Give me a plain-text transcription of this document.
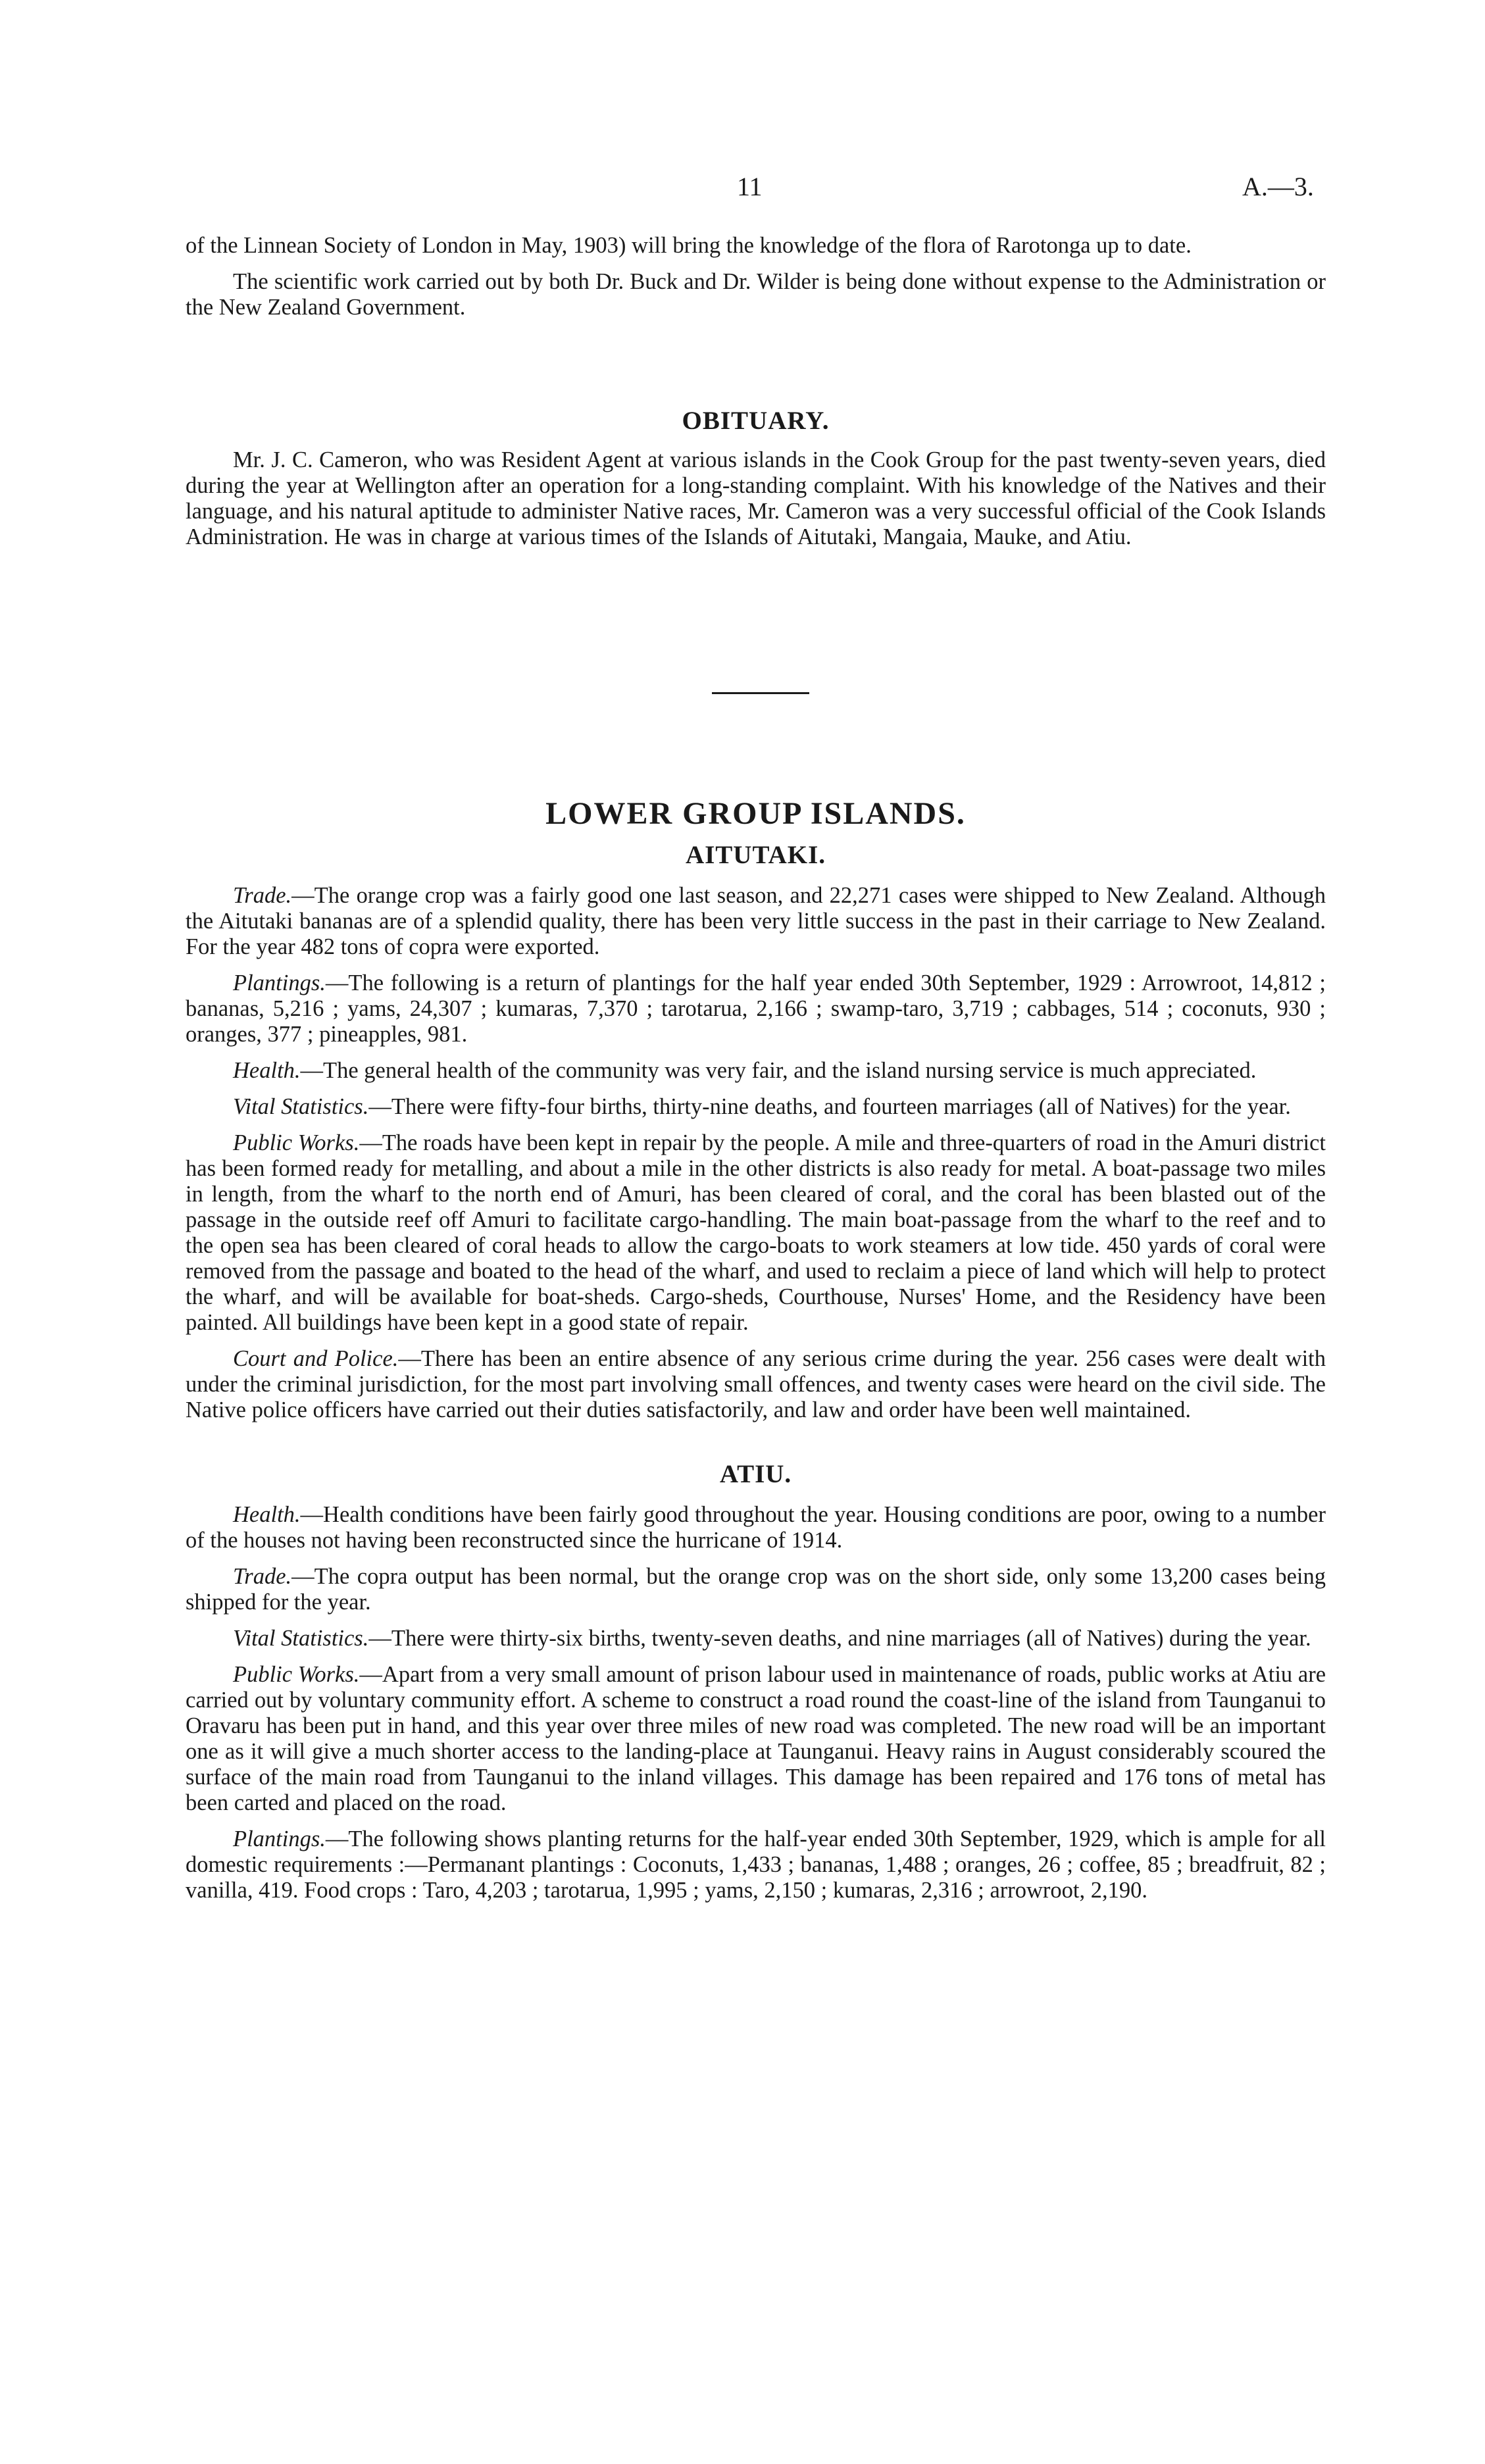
11	A.—3.

of the Linnean Society of London in May, 1903) will bring the knowledge of the flora of Rarotonga up to date.

The scientific work carried out by both Dr. Buck and Dr. Wilder is being done without expense to the Administration or the New Zealand Government.

OBITUARY.

Mr. J. C. Cameron, who was Resident Agent at various islands in the Cook Group for the past twenty-seven years, died during the year at Wellington after an operation for a long-standing complaint. With his knowledge of the Natives and their language, and his natural aptitude to administer Native races, Mr. Cameron was a very successful official of the Cook Islands Administration. He was in charge at various times of the Islands of Aitutaki, Mangaia, Mauke, and Atiu.

LOWER GROUP ISLANDS.
AITUTAKI.

Trade.—The orange crop was a fairly good one last season, and 22,271 cases were shipped to New Zealand. Although the Aitutaki bananas are of a splendid quality, there has been very little success in the past in their carriage to New Zealand. For the year 482 tons of copra were exported.

Plantings.—The following is a return of plantings for the half year ended 30th September, 1929 : Arrowroot, 14,812 ; bananas, 5,216 ; yams, 24,307 ; kumaras, 7,370 ; tarotarua, 2,166 ; swamp-taro, 3,719 ; cabbages, 514 ; coconuts, 930 ; oranges, 377 ; pineapples, 981.

Health.—The general health of the community was very fair, and the island nursing service is much appreciated.

Vital Statistics.—There were fifty-four births, thirty-nine deaths, and fourteen marriages (all of Natives) for the year.

Public Works.—The roads have been kept in repair by the people. A mile and three-quarters of road in the Amuri district has been formed ready for metalling, and about a mile in the other districts is also ready for metal. A boat-passage two miles in length, from the wharf to the north end of Amuri, has been cleared of coral, and the coral has been blasted out of the passage in the outside reef off Amuri to facilitate cargo-handling. The main boat-passage from the wharf to the reef and to the open sea has been cleared of coral heads to allow the cargo-boats to work steamers at low tide. 450 yards of coral were removed from the passage and boated to the head of the wharf, and used to reclaim a piece of land which will help to protect the wharf, and will be available for boat-sheds. Cargo-sheds, Courthouse, Nurses' Home, and the Residency have been painted. All buildings have been kept in a good state of repair.

Court and Police.—There has been an entire absence of any serious crime during the year. 256 cases were dealt with under the criminal jurisdiction, for the most part involving small offences, and twenty cases were heard on the civil side. The Native police officers have carried out their duties satisfactorily, and law and order have been well maintained.

ATIU.

Health.—Health conditions have been fairly good throughout the year. Housing conditions are poor, owing to a number of the houses not having been reconstructed since the hurricane of 1914.

Trade.—The copra output has been normal, but the orange crop was on the short side, only some 13,200 cases being shipped for the year.

Vital Statistics.—There were thirty-six births, twenty-seven deaths, and nine marriages (all of Natives) during the year.

Public Works.—Apart from a very small amount of prison labour used in maintenance of roads, public works at Atiu are carried out by voluntary community effort. A scheme to construct a road round the coast-line of the island from Taunganui to Oravaru has been put in hand, and this year over three miles of new road was completed. The new road will be an important one as it will give a much shorter access to the landing-place at Taunganui. Heavy rains in August considerably scoured the surface of the main road from Taunganui to the inland villages. This damage has been repaired and 176 tons of metal has been carted and placed on the road.

Plantings.—The following shows planting returns for the half-year ended 30th September, 1929, which is ample for all domestic requirements :—Permanant plantings : Coconuts, 1,433 ; bananas, 1,488 ; oranges, 26 ; coffee, 85 ; breadfruit, 82 ; vanilla, 419. Food crops : Taro, 4,203 ; tarotarua, 1,995 ; yams, 2,150 ; kumaras, 2,316 ; arrowroot, 2,190.
